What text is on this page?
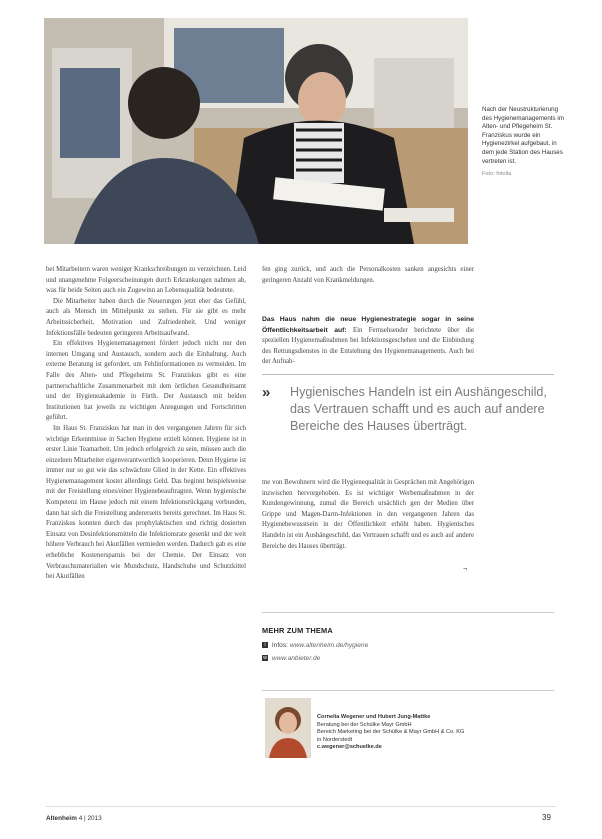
Nach der Neustrukturierung des Hygienemanagements im Alten- und Pflegeheim St. Franziskus wurde ein Hygienezirkel aufgebaut, in dem jede Station des Hauses vertreten ist.
Foto: fotolia

bei Mitarbeitern waren weniger Krankschreibungen zu verzeichnen. Leid und unangenehme Folgeerscheinungen durch Erkrankungen nahmen ab, was für beide Seiten auch ein Zugewinn an Lebensqualität bedeutete.

Die Mitarbeiter haben durch die Neuerungen jetzt eher das Gefühl, auch als Mensch im Mittelpunkt zu stehen. Für sie gibt es mehr Arbeitssicherheit, Motivation und Zufriedenheit. Und weniger Infektionsfälle bedeuten geringeren Arbeitsaufwand.

Ein effektives Hygienemanagement fördert jedoch nicht nur den internen Umgang und Austausch, sondern auch die Einhaltung. Auch externe Beratung ist gefordert, um Fehlinformationen zu vermeiden. Im Falle des Alten- und Pflegeheims St. Franziskus gibt es eine partnerschaftliche Zusammenarbeit mit dem örtlichen Gesundheitsamt und der Hygieneakademie in Fürth. Der Austausch mit beiden Institutionen hat jeweils zu wichtigen Anregungen und Fortschritten geführt.

Im Haus St. Franziskus hat man in den vergangenen Jahren für sich wichtige Erkenntnisse in Sachen Hygiene erzielt können. Hygiene ist in erster Linie Teamarbeit. Um jedoch erfolgreich zu sein, müssen auch die einzelnen Mitarbeiter eigenverantwortlich kooperieren. Denn Hygiene ist immer nur so gut wie das schwächste Glied in der Kette. Ein effektives Hygienemanagement kostet allerdings Geld. Das beginnt beispielsweise mit der Freistellung eines/einer Hygienebeauftragten. Wenn hygienische Kompetenz im Hause jedoch mit einem Infektionsrückgang verbunden, dann hat sich die Freistellung andererseits bereits gerechnet. Im Haus St. Franziskus konnten durch das prophylaktischen und richtig dosierten Einsatz von Desinfektionsmitteln die Infektionsrate gesenkt und der weit höhere Verbrauch bei Akutfällen vermieden werden. Dadurch gab es eine erhebliche Kostenersparnis bei der Chemie. Der Einsatz von Verbrauchsmaterialien wie Mundschutz, Handschuhe und Schutzkittel bei Akutfällen

fen ging zurück, und auch die Personalkosten sanken angesichts einer geringeren Anzahl von Krankmeldungen.

Das Haus nahm die neue Hygienestrategie sogar in seine Öffentlichkeitsarbeit auf: Ein Fernsehsender berichtete über die speziellen Hygienemaßnahmen bei Infektionsgeschehen und die Einbindung des Rettungsdienstes in die Entstehung des Hygienemanagements. Auch bei der Aufnah-

» Hygienisches Handeln ist ein Aushängeschild, das Vertrauen schafft und es auch auf andere Bereiche des Hauses überträgt.

me von Bewohnern wird die Hygienequalität in Gesprächen mit Angehörigen inzwischen hervorgehoben. Es ist wichtiger Werbemaßnahmen in der Kundengewinnung, zumal die Bereich ursächlich gen der Medien über Grippe und Magen-Darm-Infektionen in den vergangenen Jahren das Hygienebewusstsein in der Öffentlichkeit erhöht haben. Hygienisches Handeln ist ein Aushängeschild, das Vertrauen schafft und es auch auf andere Bereiche des Hauses überträgt.

¬
MEHR ZUM THEMA
i Infos: www.altenheim.de/hygiene
w www.anbieter.de
Cornelia Wegener und Hubert Jung-Mattke
Beratung bei der Schülke Mayr GmbH
Bereich Marketing bei der Schülke & Mayr GmbH & Co. KG
in Norderstedt
c.wegener@schuelke.de
Altenheim 4 | 2013	39
